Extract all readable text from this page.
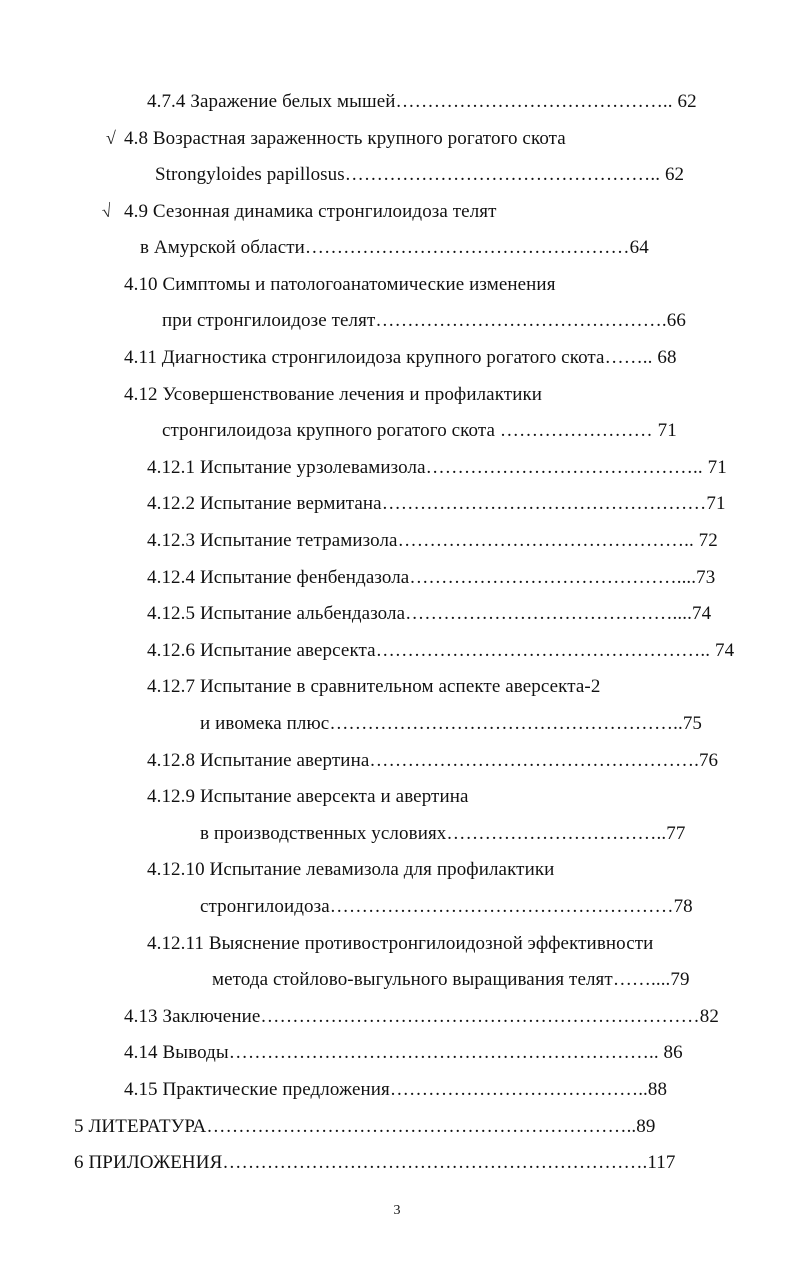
√
√
4.7.4 Заражение белых мышей…………………………………….. 62
4.8 Возрастная зараженность крупного рогатого скота
Strongyloides papillosus………………………………………….. 62
4.9 Сезонная динамика стронгилоидоза телят
в Амурской области……………………………………………64
4.10 Симптомы и патологоанатомические изменения
при стронгилоидозе телят……………………………………….66
4.11 Диагностика стронгилоидоза крупного рогатого скота…….. 68
4.12 Усовершенствование лечения и профилактики
стронгилоидоза крупного рогатого скота …………………… 71
4.12.1 Испытание урзолевамизола…………………………………….. 71
4.12.2 Испытание вермитана……………………………………………71
4.12.3 Испытание тетрамизола……………………………………….. 72
4.12.4 Испытание фенбендазола……………………………………....73
4.12.5 Испытание альбендазола……………………………………....74
4.12.6 Испытание аверсекта…………………………………………….. 74
4.12.7 Испытание в сравнительном аспекте аверсекта-2
и ивомека плюс………………………………………………..75
4.12.8 Испытание авертина…………………………………………….76
4.12.9 Испытание аверсекта и авертина
в производственных условиях……………………………..77
4.12.10 Испытание левамизола для профилактики
стронгилоидоза………………………………………………78
4.12.11 Выяснение противостронгилоидозной эффективности
метода стойлово-выгульного выращивания телят……....79
4.13 Заключение……………………………………………………………82
4.14 Выводы………………………………………………………….. 86
4.15 Практические предложения…………………………………..88
5 ЛИТЕРАТУРА…………………………………………………………..89
6 ПРИЛОЖЕНИЯ………………………………………………………….117
3
